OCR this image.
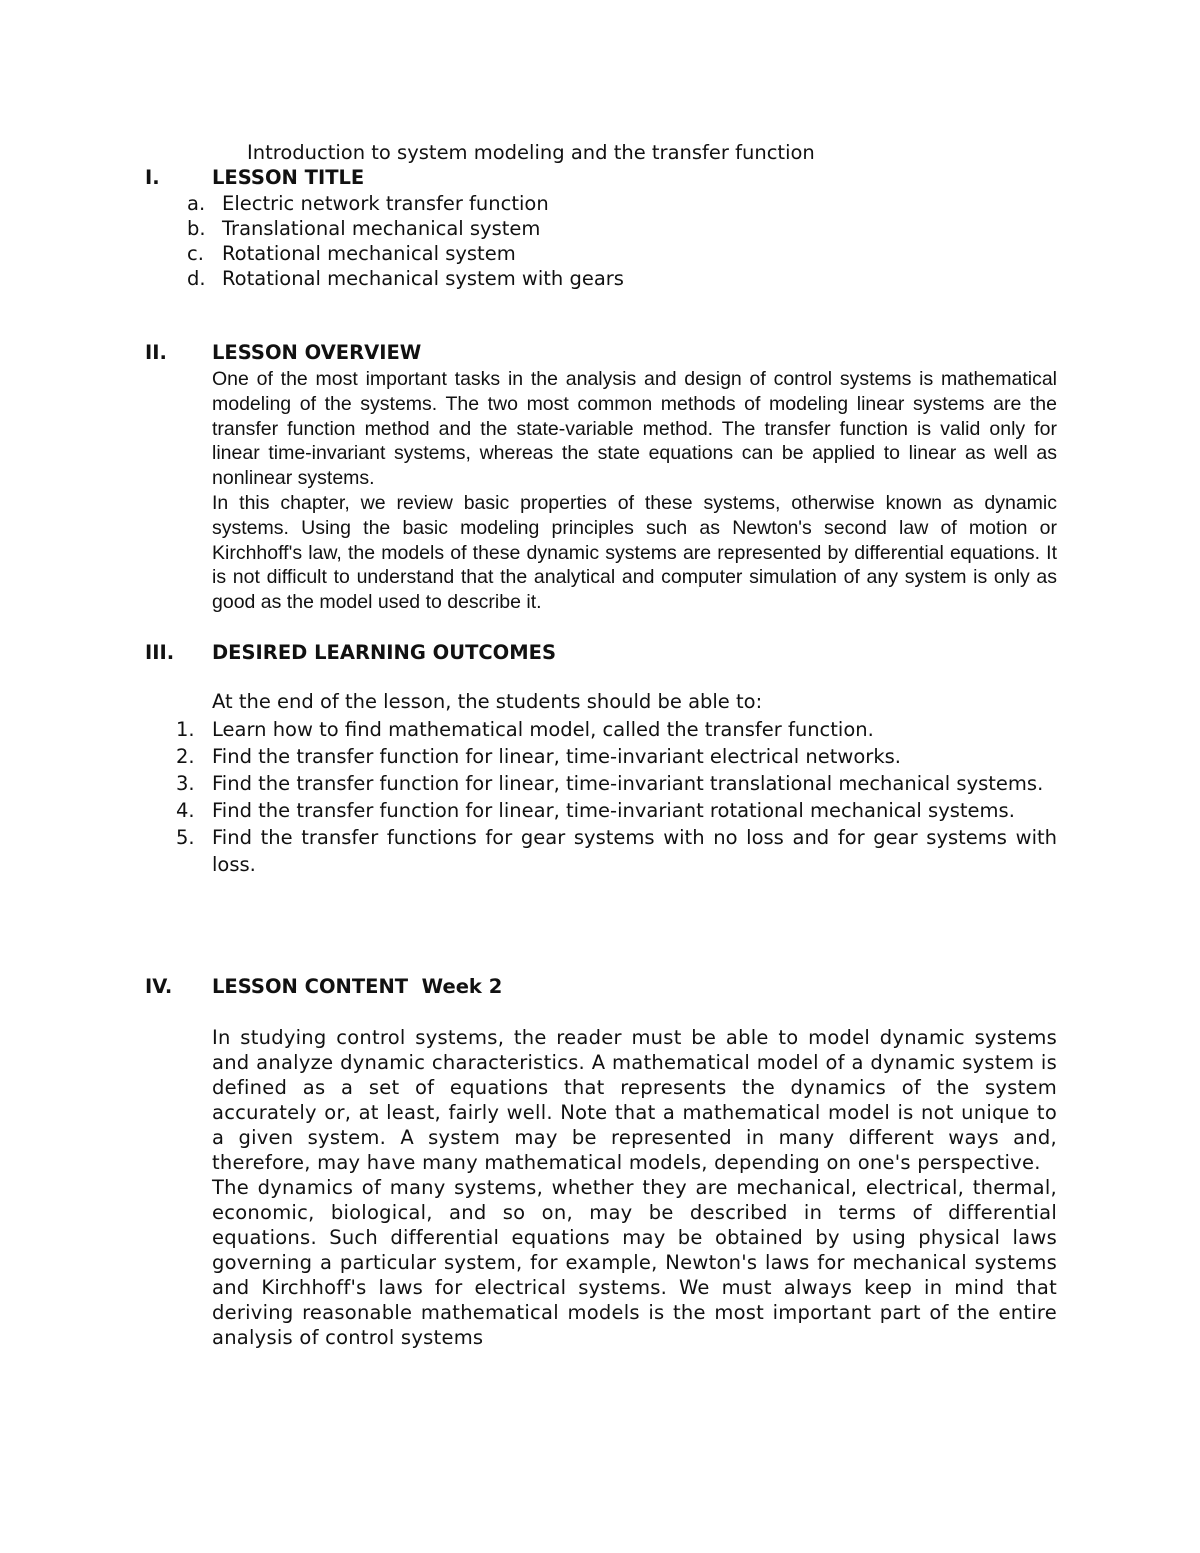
Introduction to system modeling and the transfer function
I.	LESSON TITLE
a. Electric network transfer function
b. Translational mechanical system
c. Rotational mechanical system
d. Rotational mechanical system with gears
II. LESSON OVERVIEW

One of the most important tasks in the analysis and design of control systems is mathematical modeling of the systems. The two most common methods of modeling linear systems are the transfer function method and the state-variable method. The transfer function is valid only for linear time-invariant systems, whereas the state equations can be applied to linear as well as nonlinear systems.

In this chapter, we review basic properties of these systems, otherwise known as dynamic systems. Using the basic modeling principles such as Newton's second law of motion or Kirchhoff's law, the models of these dynamic systems are represented by differential equations. It is not difficult to understand that the analytical and computer simulation of any system is only as good as the model used to describe it.

III. DESIRED LEARNING OUTCOMES
At the end of the lesson, the students should be able to:
1. Learn how to find mathematical model, called the transfer function.
2. Find the transfer function for linear, time-invariant electrical networks.
3. Find the transfer function for linear, time-invariant translational mechanical systems.
4. Find the transfer function for linear, time-invariant rotational mechanical systems.
5. Find the transfer functions for gear systems with no loss and for gear systems with loss.
IV. LESSON CONTENT  Week 2

In studying control systems, the reader must be able to model dynamic systems and analyze dynamic characteristics. A mathematical model of a dynamic system is defined as a set of equations that represents the dynamics of the system accurately or, at least, fairly well. Note that a mathematical model is not unique to a given system. A system may be represented in many different ways and, therefore, may have many mathematical models, depending on one's perspective.

The dynamics of many systems, whether they are mechanical, electrical, thermal, economic, biological, and so on, may be described in terms of differential equations. Such differential equations may be obtained by using physical laws governing a particular system, for example, Newton's laws for mechanical systems and Kirchhoff's laws for electrical systems. We must always keep in mind that deriving reasonable mathematical models is the most important part of the entire analysis of control systems
